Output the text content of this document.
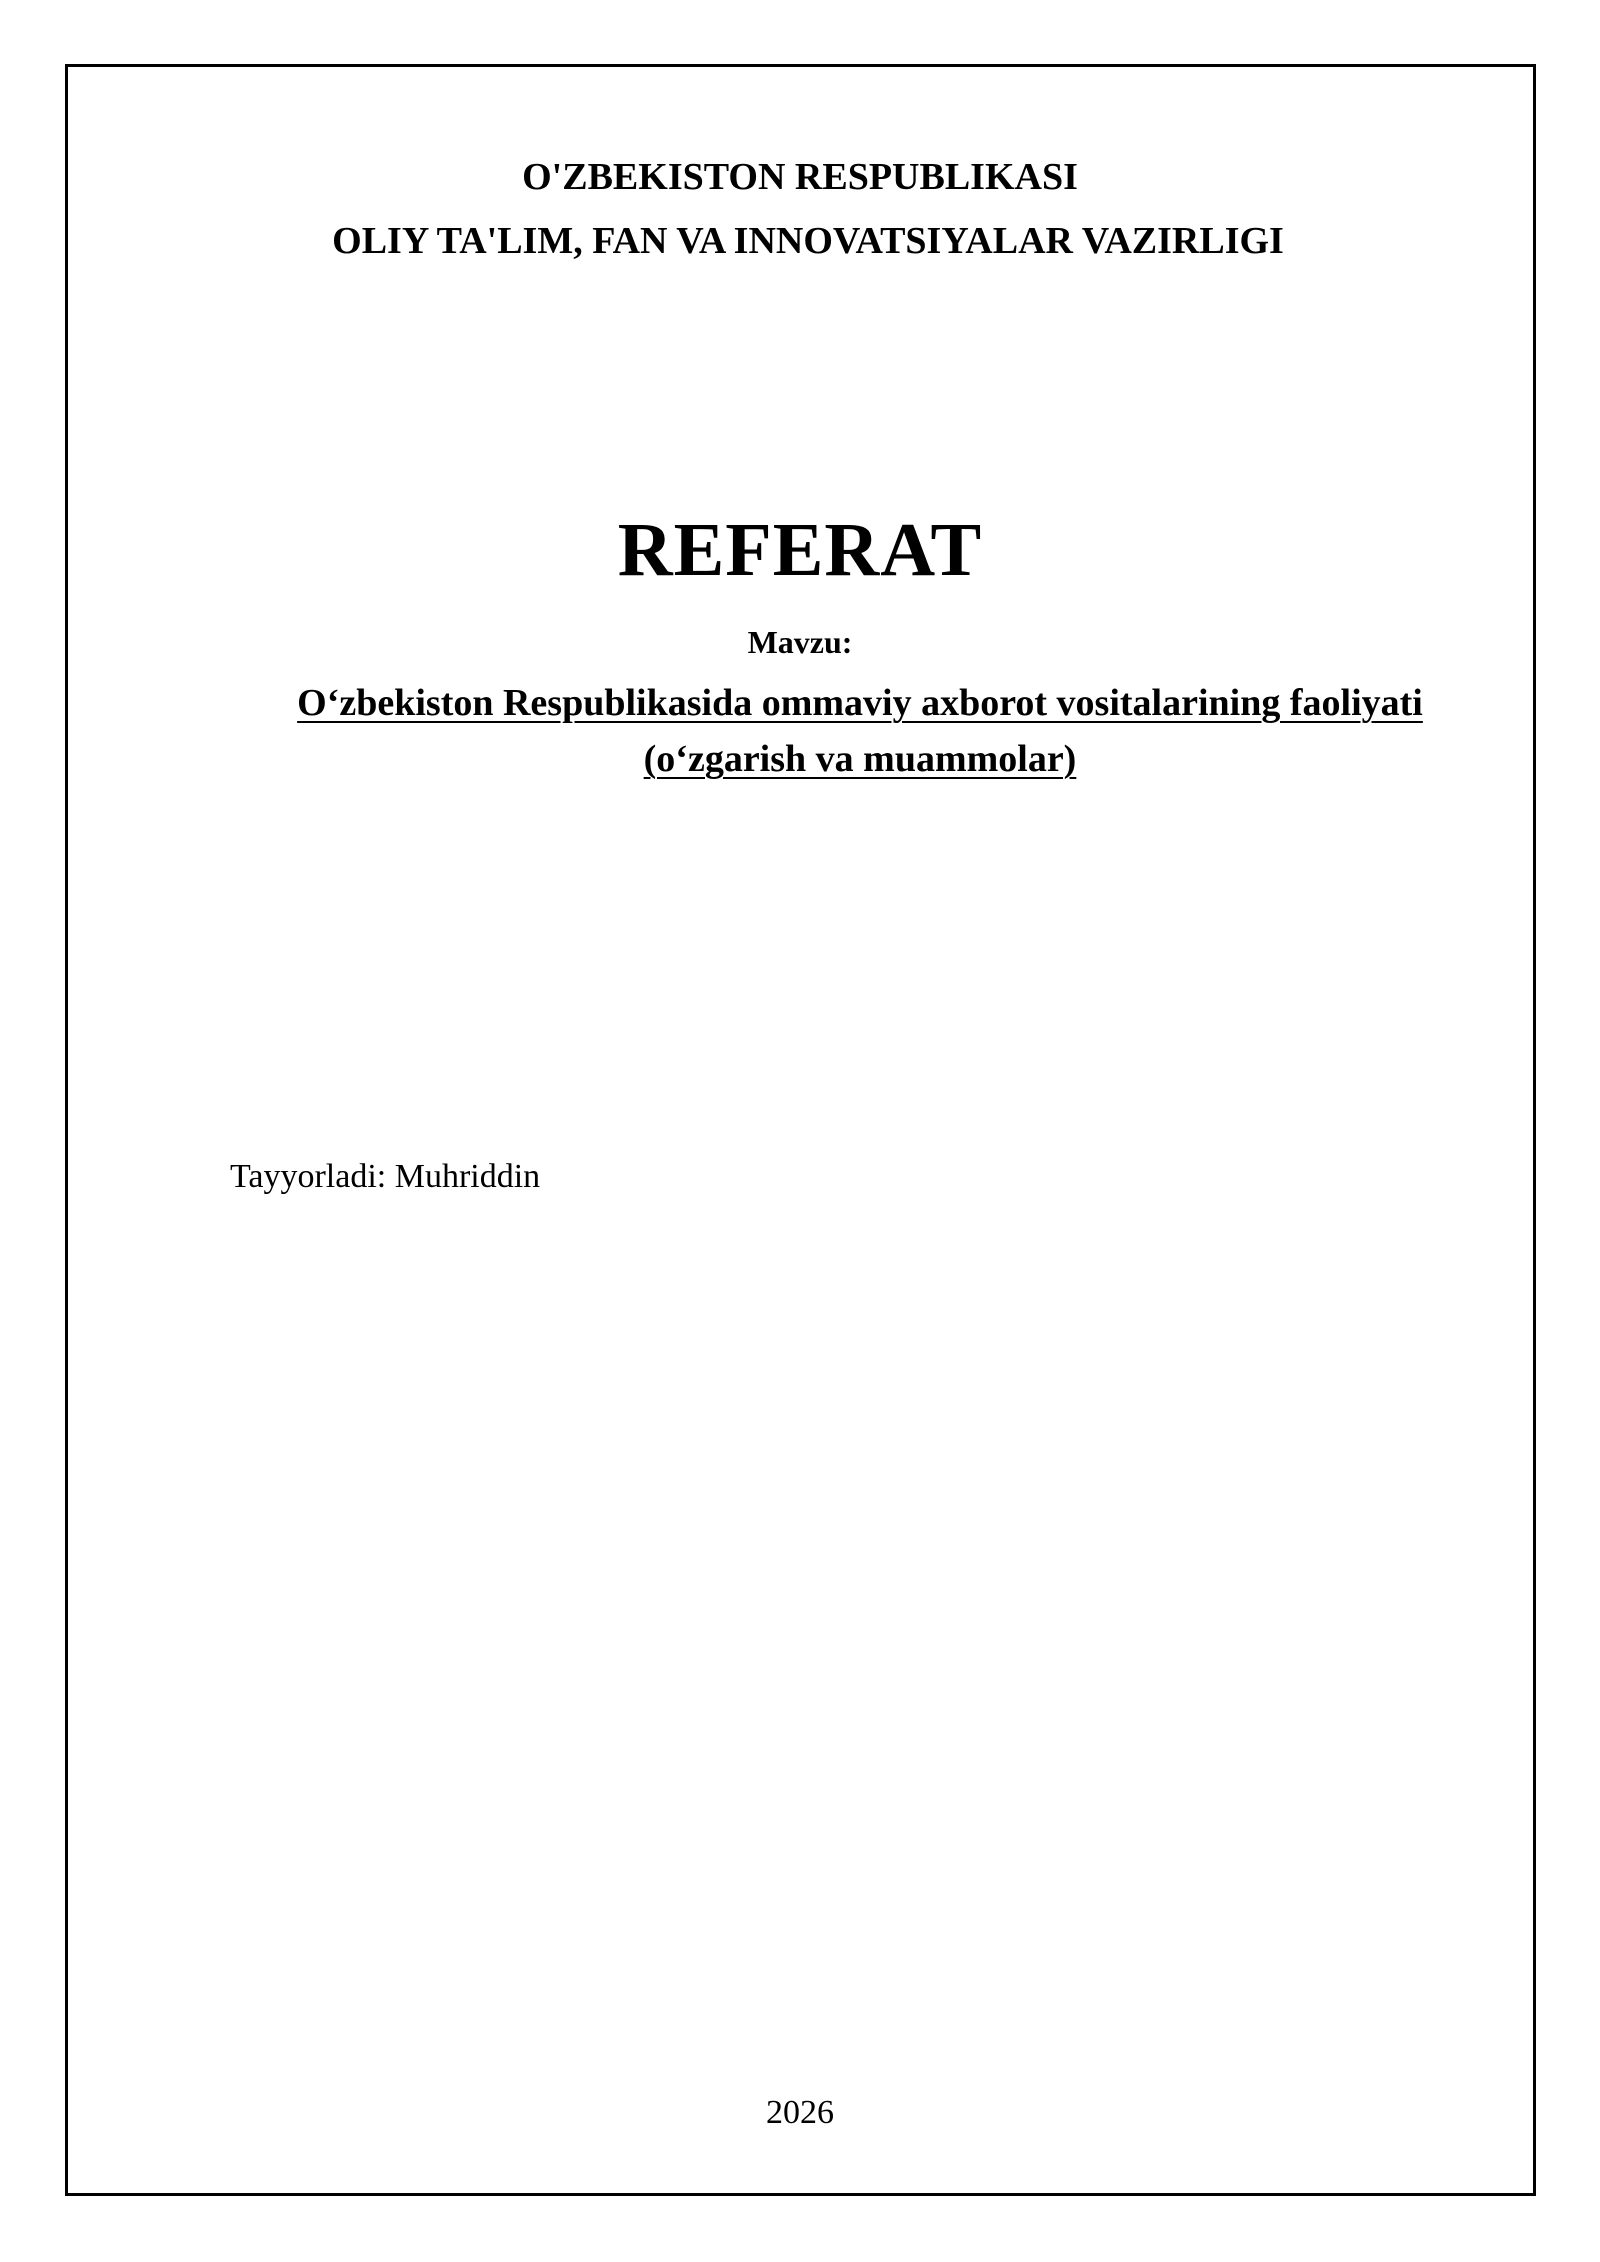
O'ZBEKISTON RESPUBLIKASI
OLIY TA'LIM, FAN VA INNOVATSIYALAR VAZIRLIGI
REFERAT
Mavzu:
O‘zbekiston Respublikasida ommaviy axborot vositalarining faoliyati (o‘zgarish va muammolar)
Tayyorladi: Muhriddin
2026
